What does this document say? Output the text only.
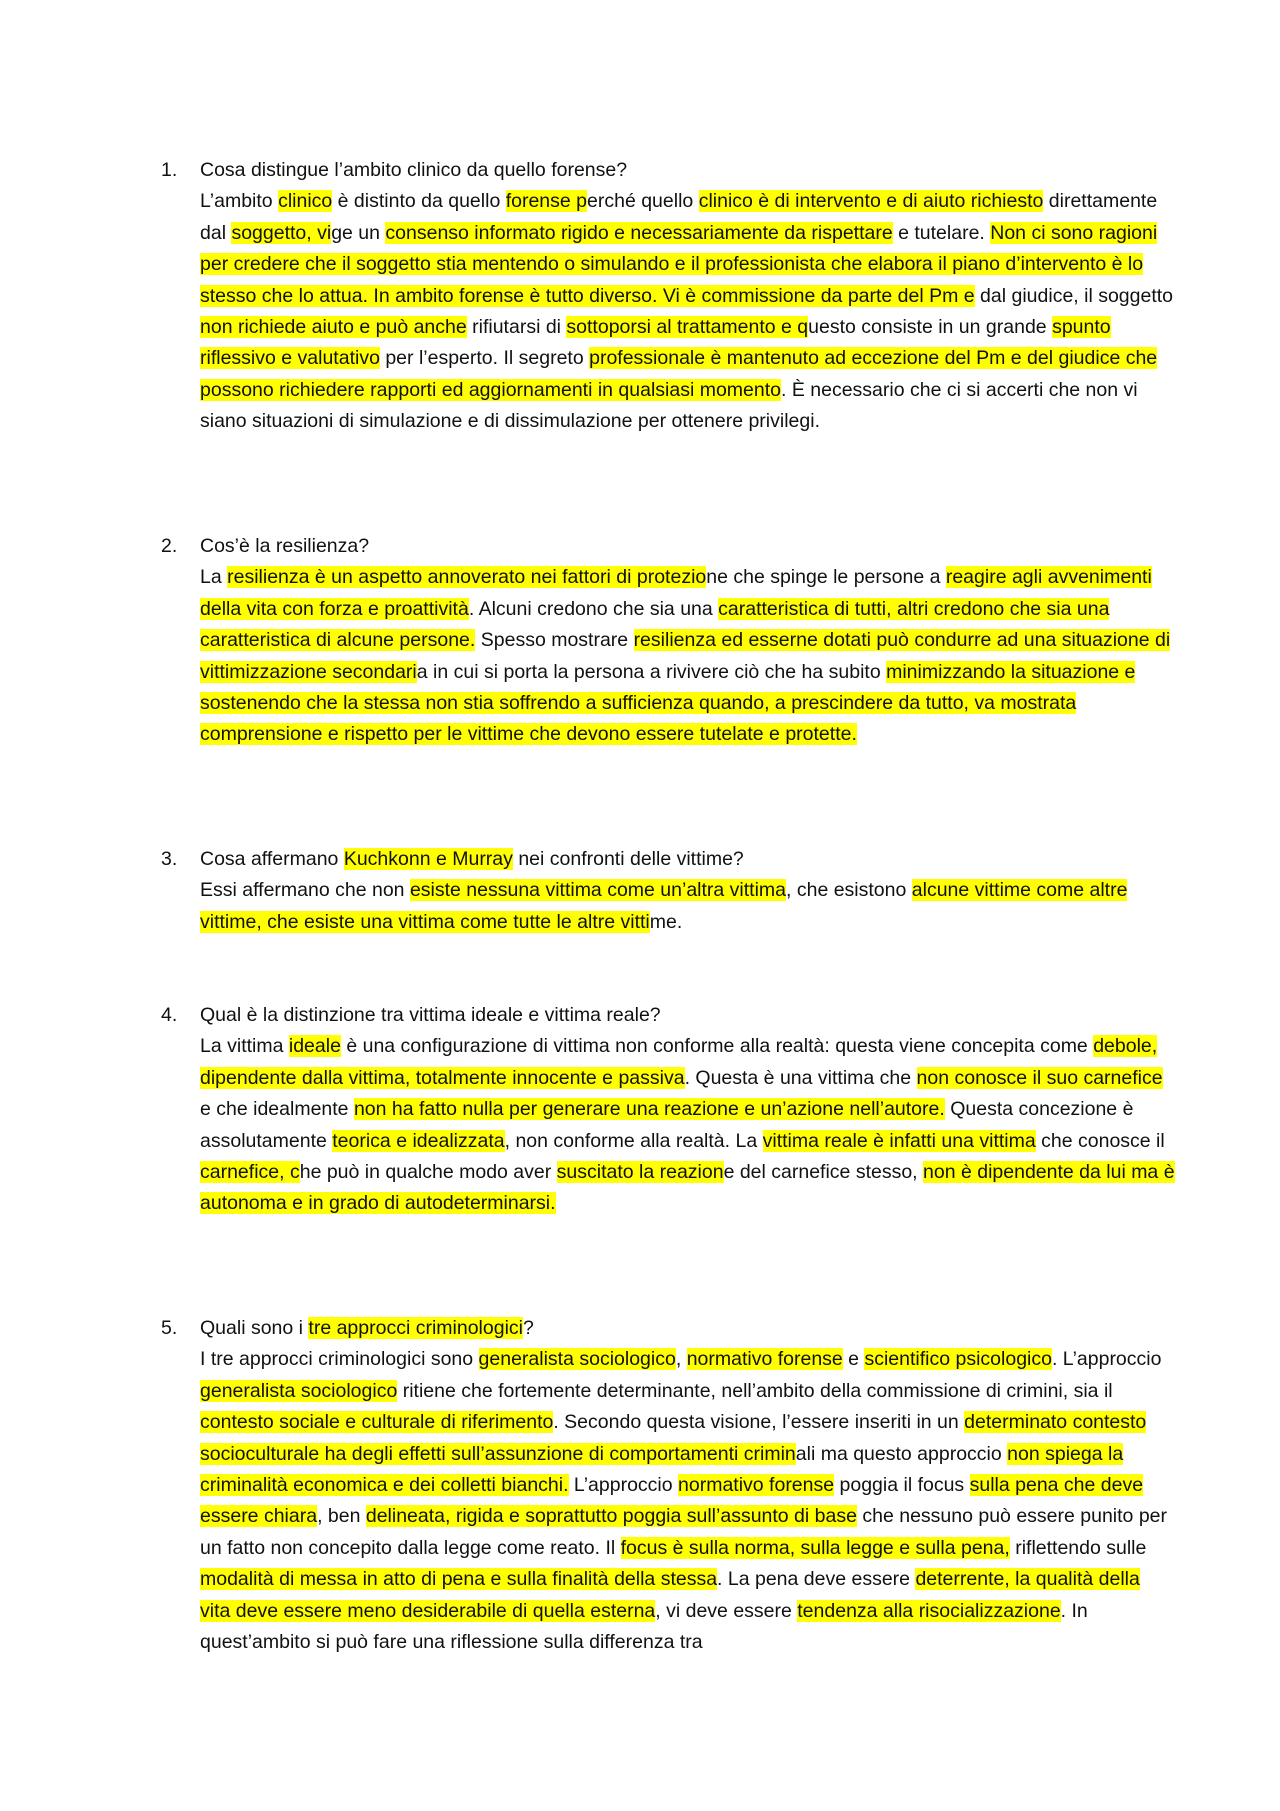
1. Cosa distingue l’ambito clinico da quello forense?

L’ambito clinico è distinto da quello forense perché quello clinico è di intervento e di aiuto richiesto direttamente dal soggetto, vige un consenso informato rigido e necessariamente da rispettare e tutelare. Non ci sono ragioni per credere che il soggetto stia mentendo o simulando e il professionista che elabora il piano d’intervento è lo stesso che lo attua. In ambito forense è tutto diverso. Vi è commissione da parte del Pm e dal giudice, il soggetto non richiede aiuto e può anche rifiutarsi di sottoporsi al trattamento e questo consiste in un grande spunto riflessivo e valutativo per l’esperto. Il segreto professionale è mantenuto ad eccezione del Pm e del giudice che possono richiedere rapporti ed aggiornamenti in qualsiasi momento. È necessario che ci si accerti che non vi siano situazioni di simulazione e di dissimulazione per ottenere privilegi.

2. Cos’è la resilienza?

La resilienza è un aspetto annoverato nei fattori di protezione che spinge le persone a reagire agli avvenimenti della vita con forza e proattività. Alcuni credono che sia una caratteristica di tutti, altri credono che sia una caratteristica di alcune persone. Spesso mostrare resilienza ed esserne dotati può condurre ad una situazione di vittimizzazione secondaria in cui si porta la persona a rivivere ciò che ha subito minimizzando la situazione e sostenendo che la stessa non stia soffrendo a sufficienza quando, a prescindere da tutto, va mostrata comprensione e rispetto per le vittime che devono essere tutelate e protette.

3. Cosa affermano Kuchkonn e Murray nei confronti delle vittime?

Essi affermano che non esiste nessuna vittima come un’altra vittima, che esistono alcune vittime come altre vittime, che esiste una vittima come tutte le altre vittime.

4. Qual è la distinzione tra vittima ideale e vittima reale?

La vittima ideale è una configurazione di vittima non conforme alla realtà: questa viene concepita come debole, dipendente dalla vittima, totalmente innocente e passiva. Questa è una vittima che non conosce il suo carnefice e che idealmente non ha fatto nulla per generare una reazione e un’azione nell’autore. Questa concezione è assolutamente teorica e idealizzata, non conforme alla realtà. La vittima reale è infatti una vittima che conosce il carnefice, che può in qualche modo aver suscitato la reazione del carnefice stesso, non è dipendente da lui ma è autonoma e in grado di autodeterminarsi.

5. Quali sono i tre approcci criminologici?

I tre approcci criminologici sono generalista sociologico, normativo forense e scientifico psicologico. L’approccio generalista sociologico ritiene che fortemente determinante, nell’ambito della commissione di crimini, sia il contesto sociale e culturale di riferimento. Secondo questa visione, l’essere inseriti in un determinato contesto socioculturale ha degli effetti sull’assunzione di comportamenti criminali ma questo approccio non spiega la criminalità economica e dei colletti bianchi. L’approccio normativo forense poggia il focus sulla pena che deve essere chiara, ben delineata, rigida e soprattutto poggia sull’assunto di base che nessuno può essere punito per un fatto non concepito dalla legge come reato. Il focus è sulla norma, sulla legge e sulla pena, riflettendo sulle modalità di messa in atto di pena e sulla finalità della stessa. La pena deve essere deterrente, la qualità della vita deve essere meno desiderabile di quella esterna, vi deve essere tendenza alla risocializzazione. In quest’ambito si può fare una riflessione sulla differenza tra
